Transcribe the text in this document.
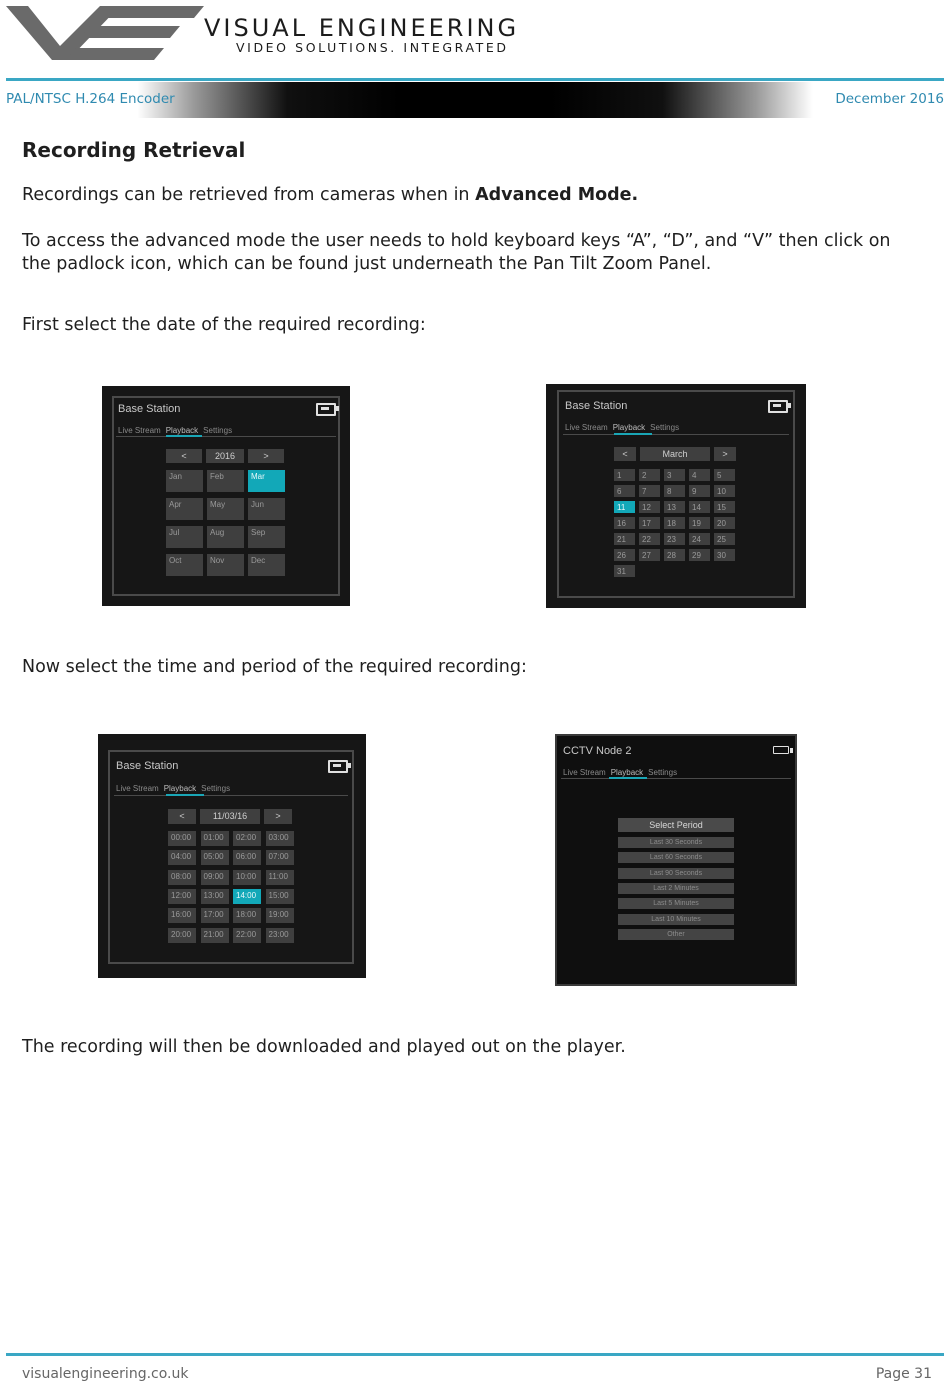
VISUAL ENGINEERING
VIDEO SOLUTIONS. INTEGRATED
PAL/NTSC H.264 Encoder	December 2016
Recording Retrieval
Recordings can be retrieved from cameras when in Advanced Mode.
To access the advanced mode the user needs to hold keyboard keys “A”, “D”, and “V” then click on the padlock icon, which can be found just underneath the Pan Tilt Zoom Panel.
First select the date of the required recording:
Base Station
Live Stream Playback Settings
<	2016	>
Jan	Feb	Mar
Apr	May	Jun
Jul	Aug	Sep
Oct	Nov	Dec
Base Station
Live Stream Playback Settings
<	March	>
1	2	3	4	5
6	7	8	9	10
11	12	13	14	15
16	17	18	19	20
21	22	23	24	25
26	27	28	29	30
31
Now select the time and period of the required recording:
Base Station
Live Stream Playback Settings
<	11/03/16	>
00:00	01:00	02:00	03:00
04:00	05:00	06:00	07:00
08:00	09:00	10:00	11:00
12:00	13:00	14:00	15:00
16:00	17:00	18:00	19:00
20:00	21:00	22:00	23:00
CCTV Node 2
Live Stream Playback Settings
Select Period
Last 30 Seconds
Last 60 Seconds
Last 90 Seconds
Last 2 Minutes
Last 5 Minutes
Last 10 Minutes
Other
The recording will then be downloaded and played out on the player.
visualengineering.co.uk	Page 31
